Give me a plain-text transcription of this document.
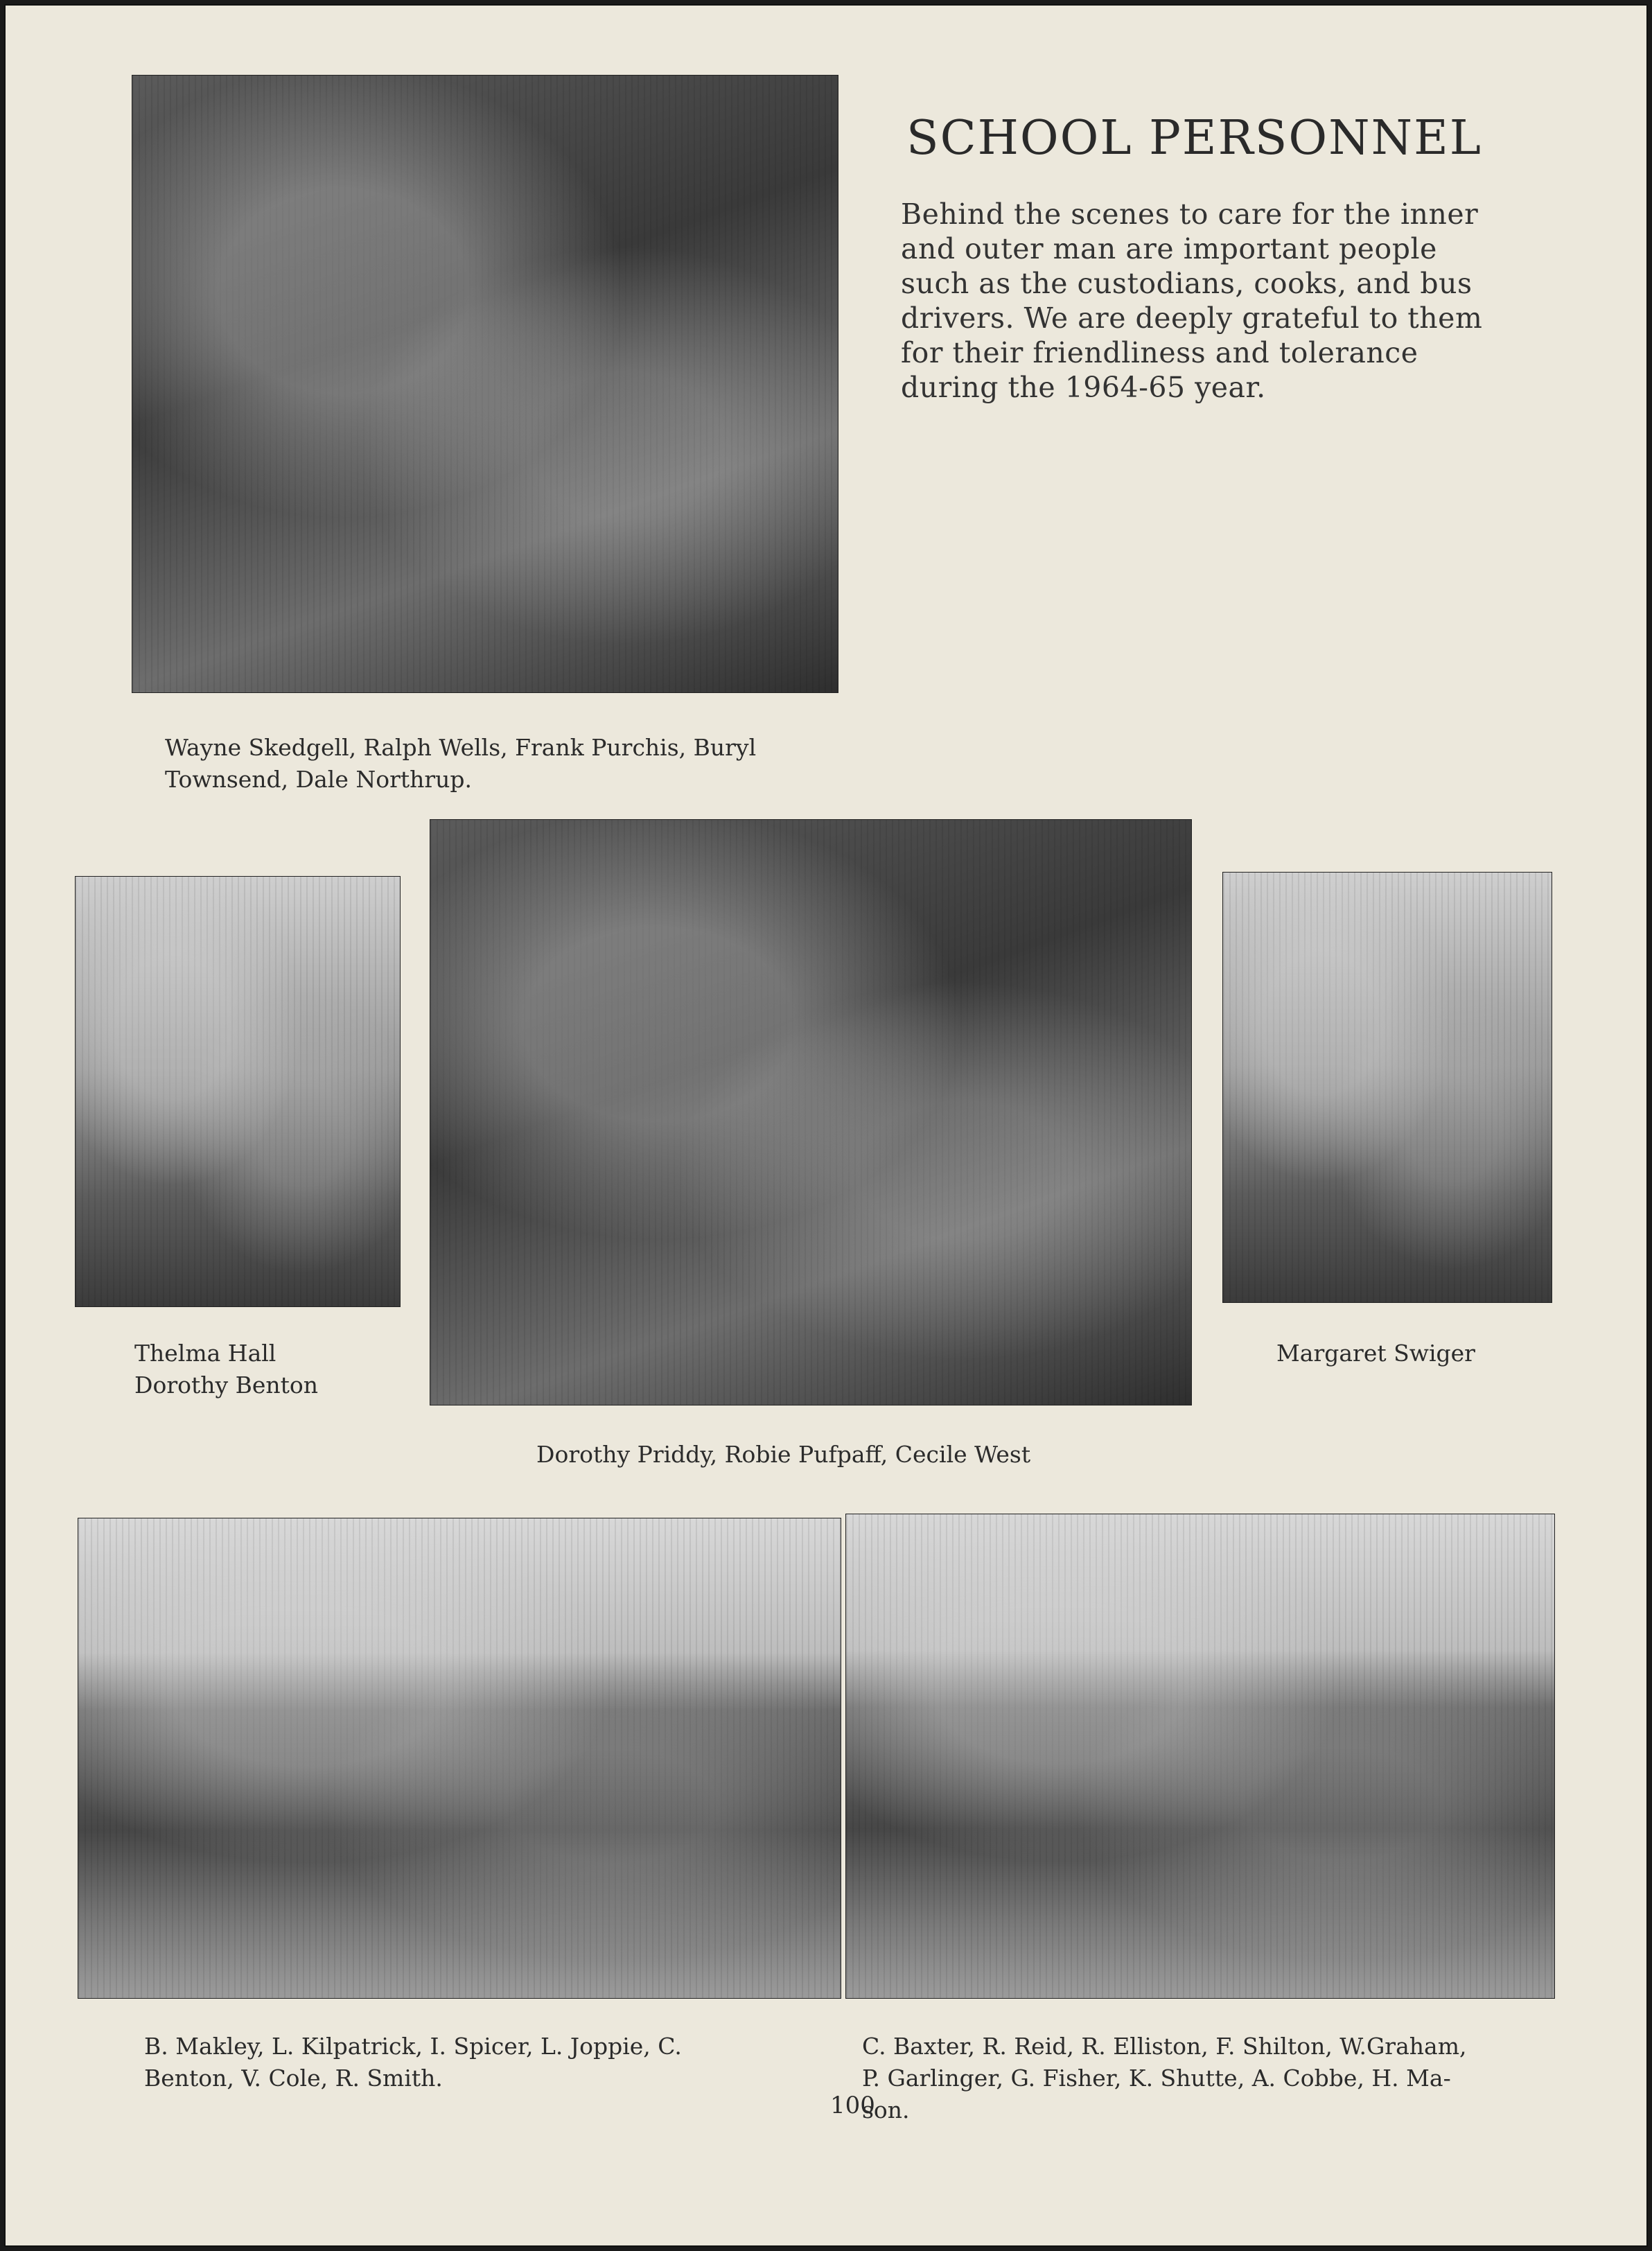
SCHOOL PERSONNEL
Behind the scenes to care for the inner
and outer man are important people
such as the custodians, cooks, and bus
drivers. We are deeply grateful to them
for their friendliness and tolerance
during the 1964-65 year.
Wayne Skedgell, Ralph Wells, Frank Purchis, Buryl
Townsend, Dale Northrup.
Thelma Hall
Dorothy Benton
Margaret Swiger
Dorothy Priddy, Robie Pufpaff, Cecile West
B. Makley, L. Kilpatrick, I. Spicer, L. Joppie, C.
Benton, V. Cole, R. Smith.
C. Baxter, R. Reid, R. Elliston, F. Shilton, W.Graham,
P. Garlinger, G. Fisher, K. Shutte, A. Cobbe, H. Ma-
son.
100
